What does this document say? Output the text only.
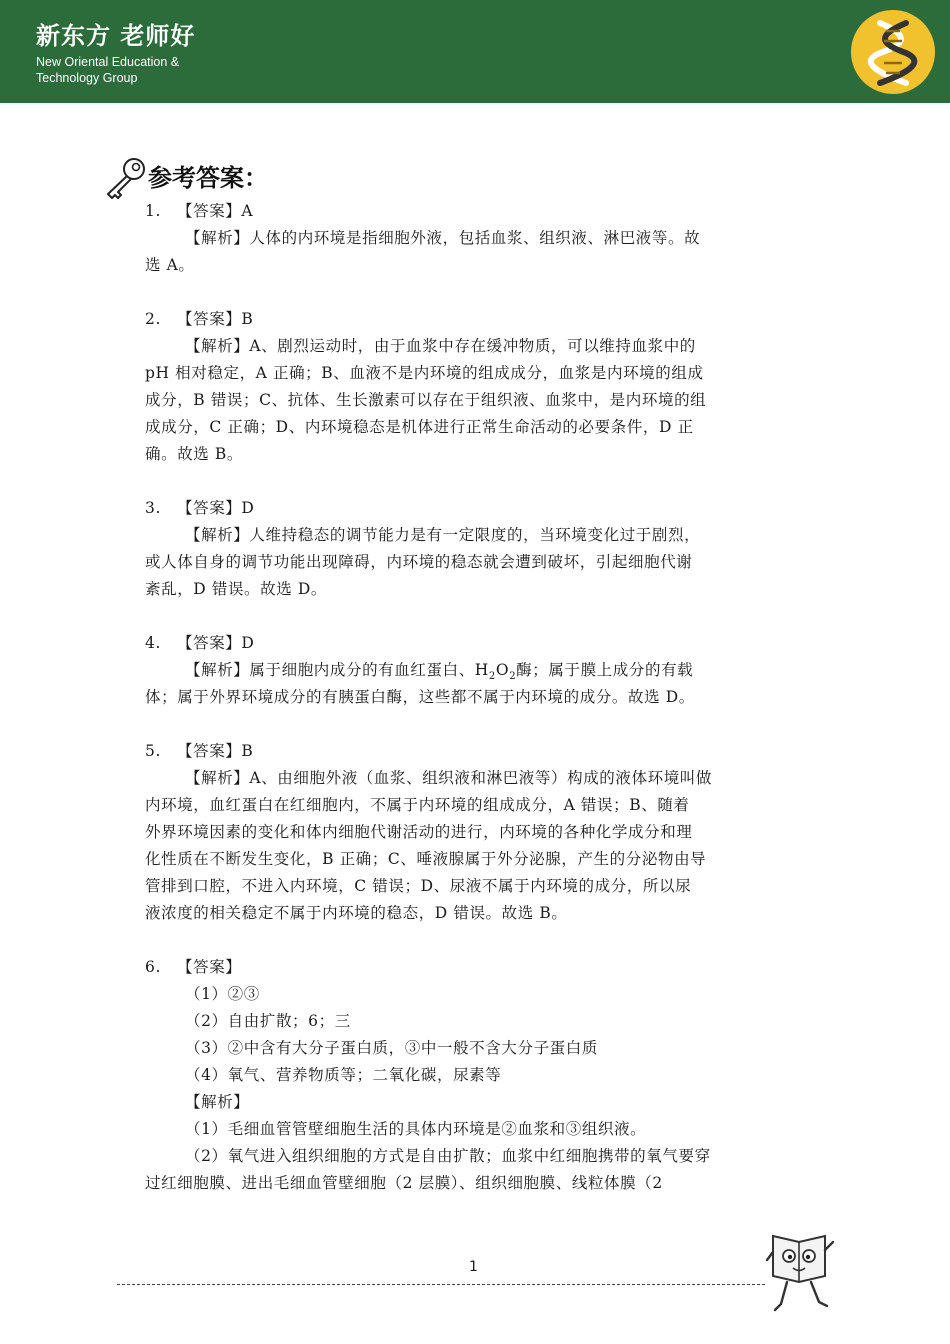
新东方 老师好
New Oriental Education &
Technology Group
参考答案：

1. 【答案】A

【解析】人体的内环境是指细胞外液，包括血浆、组织液、淋巴液等。故

选 A。

2. 【答案】B

【解析】A、剧烈运动时，由于血浆中存在缓冲物质，可以维持血浆中的

pH 相对稳定，A 正确；B、血液不是内环境的组成成分，血浆是内环境的组成

成分，B 错误；C、抗体、生长激素可以存在于组织液、血浆中，是内环境的组

成成分，C 正确；D、内环境稳态是机体进行正常生命活动的必要条件，D 正

确。故选 B。

3. 【答案】D

【解析】人维持稳态的调节能力是有一定限度的，当环境变化过于剧烈，

或人体自身的调节功能出现障碍，内环境的稳态就会遭到破坏，引起细胞代谢

紊乱，D 错误。故选 D。

4. 【答案】D

【解析】属于细胞内成分的有血红蛋白、$H_2O_2$酶；属于膜上成分的有载

体；属于外界环境成分的有胰蛋白酶，这些都不属于内环境的成分。故选 D。

5. 【答案】B

【解析】A、由细胞外液（血浆、组织液和淋巴液等）构成的液体环境叫做

内环境，血红蛋白在红细胞内，不属于内环境的组成成分，A 错误；B、随着

外界环境因素的变化和体内细胞代谢活动的进行，内环境的各种化学成分和理

化性质在不断发生变化，B 正确；C、唾液腺属于外分泌腺，产生的分泌物由导

管排到口腔，不进入内环境，C 错误；D、尿液不属于内环境的成分，所以尿

液浓度的相关稳定不属于内环境的稳态，D 错误。故选 B。

6. 【答案】

（1）②③

（2）自由扩散；6；三

（3）②中含有大分子蛋白质，③中一般不含大分子蛋白质

（4）氧气、营养物质等；二氧化碳，尿素等

【解析】

（1）毛细血管管壁细胞生活的具体内环境是②血浆和③组织液。

（2）氧气进入组织细胞的方式是自由扩散；血浆中红细胞携带的氧气要穿

过红细胞膜、进出毛细血管壁细胞（2 层膜）、组织细胞膜、线粒体膜（2

1
